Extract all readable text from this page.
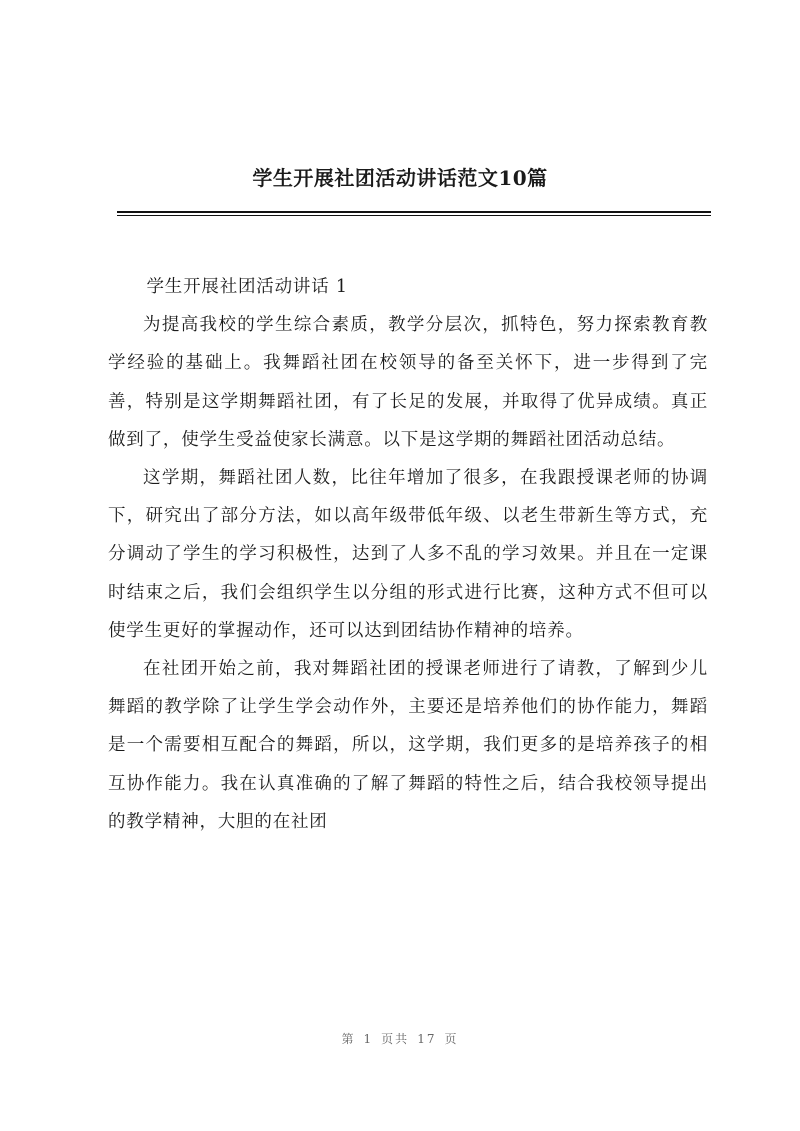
学生开展社团活动讲话范文10篇

学生开展社团活动讲话 1

为提高我校的学生综合素质，教学分层次，抓特色，努力探索教育教学经验的基础上。我舞蹈社团在校领导的备至关怀下，进一步得到了完善，特别是这学期舞蹈社团，有了长足的发展，并取得了优异成绩。真正做到了，使学生受益使家长满意。以下是这学期的舞蹈社团活动总结。

这学期，舞蹈社团人数，比往年增加了很多，在我跟授课老师的协调下，研究出了部分方法，如以高年级带低年级、以老生带新生等方式，充分调动了学生的学习积极性，达到了人多不乱的学习效果。并且在一定课时结束之后，我们会组织学生以分组的形式进行比赛，这种方式不但可以使学生更好的掌握动作，还可以达到团结协作精神的培养。

在社团开始之前，我对舞蹈社团的授课老师进行了请教，了解到少儿舞蹈的教学除了让学生学会动作外，主要还是培养他们的协作能力，舞蹈是一个需要相互配合的舞蹈，所以，这学期，我们更多的是培养孩子的相互协作能力。我在认真准确的了解了舞蹈的特性之后，结合我校领导提出的教学精神，大胆的在社团

第 1 页共 17 页
